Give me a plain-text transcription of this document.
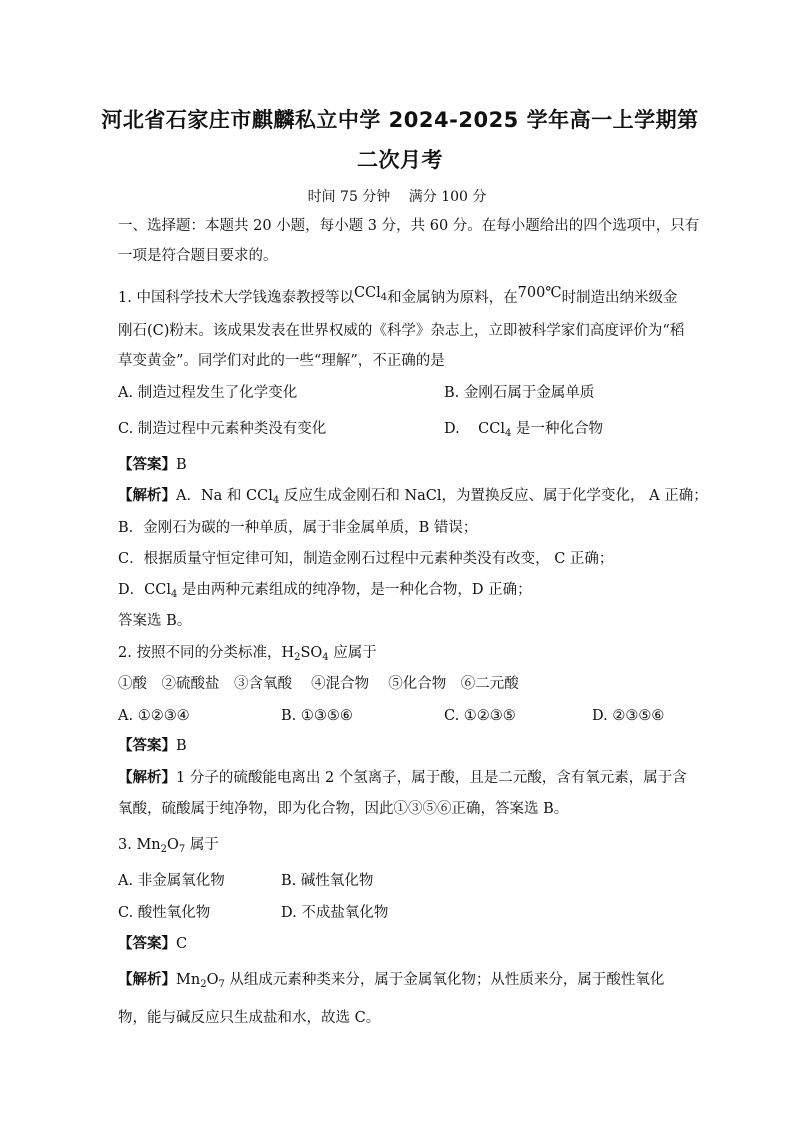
河北省石家庄市麒麟私立中学 2024-2025 学年高一上学期第
二次月考
时间 75 分钟　 满分 100 分
一、选择题：本题共 20 小题，每小题 3 分，共 60 分。在每小题给出的四个选项中，只有
一项是符合题目要求的。
1. 中国科学技术大学钱逸泰教授等以CCl$_4$和金属钠为原料，在700℃时制造出纳米级金
刚石(C)粉末。该成果发表在世界权威的《科学》杂志上，立即被科学家们高度评价为“稻
草变黄金”。同学们对此的一些“理解”，不正确的是
A. 制造过程发生了化学变化	B. 金刚石属于金属单质
C. 制造过程中元素种类没有变化	D. CCl$_4$ 是一种化合物
【答案】B
【解析】A．Na 和 CCl$_4$ 反应生成金刚石和 NaCl，为置换反应、属于化学变化， A 正确；
B．金刚石为碳的一种单质，属于非金属单质，B 错误；
C．根据质量守恒定律可知，制造金刚石过程中元素种类没有改变， C 正确；
D．CCl$_4$ 是由两种元素组成的纯净物，是一种化合物，D 正确；
答案选 B。
2. 按照不同的分类标准，$H_2SO_4$ 应属于
①酸　②硫酸盐　③含氧酸　 ④混合物　 ⑤化合物　⑥二元酸
A. ①②③④	B. ①③⑤⑥	C. ①②③⑤	D. ②③⑤⑥
【答案】B
【解析】1 分子的硫酸能电离出 2 个氢离子，属于酸，且是二元酸，含有氧元素，属于含
氧酸，硫酸属于纯净物，即为化合物，因此①③⑤⑥正确，答案选 B。
3. $Mn_2O_7$ 属于
A. 非金属氧化物	B. 碱性氧化物
C. 酸性氧化物	D. 不成盐氧化物
【答案】C
【解析】$Mn_2O_7$ 从组成元素种类来分，属于金属氧化物；从性质来分，属于酸性氧化
物，能与碱反应只生成盐和水，故选 C。
